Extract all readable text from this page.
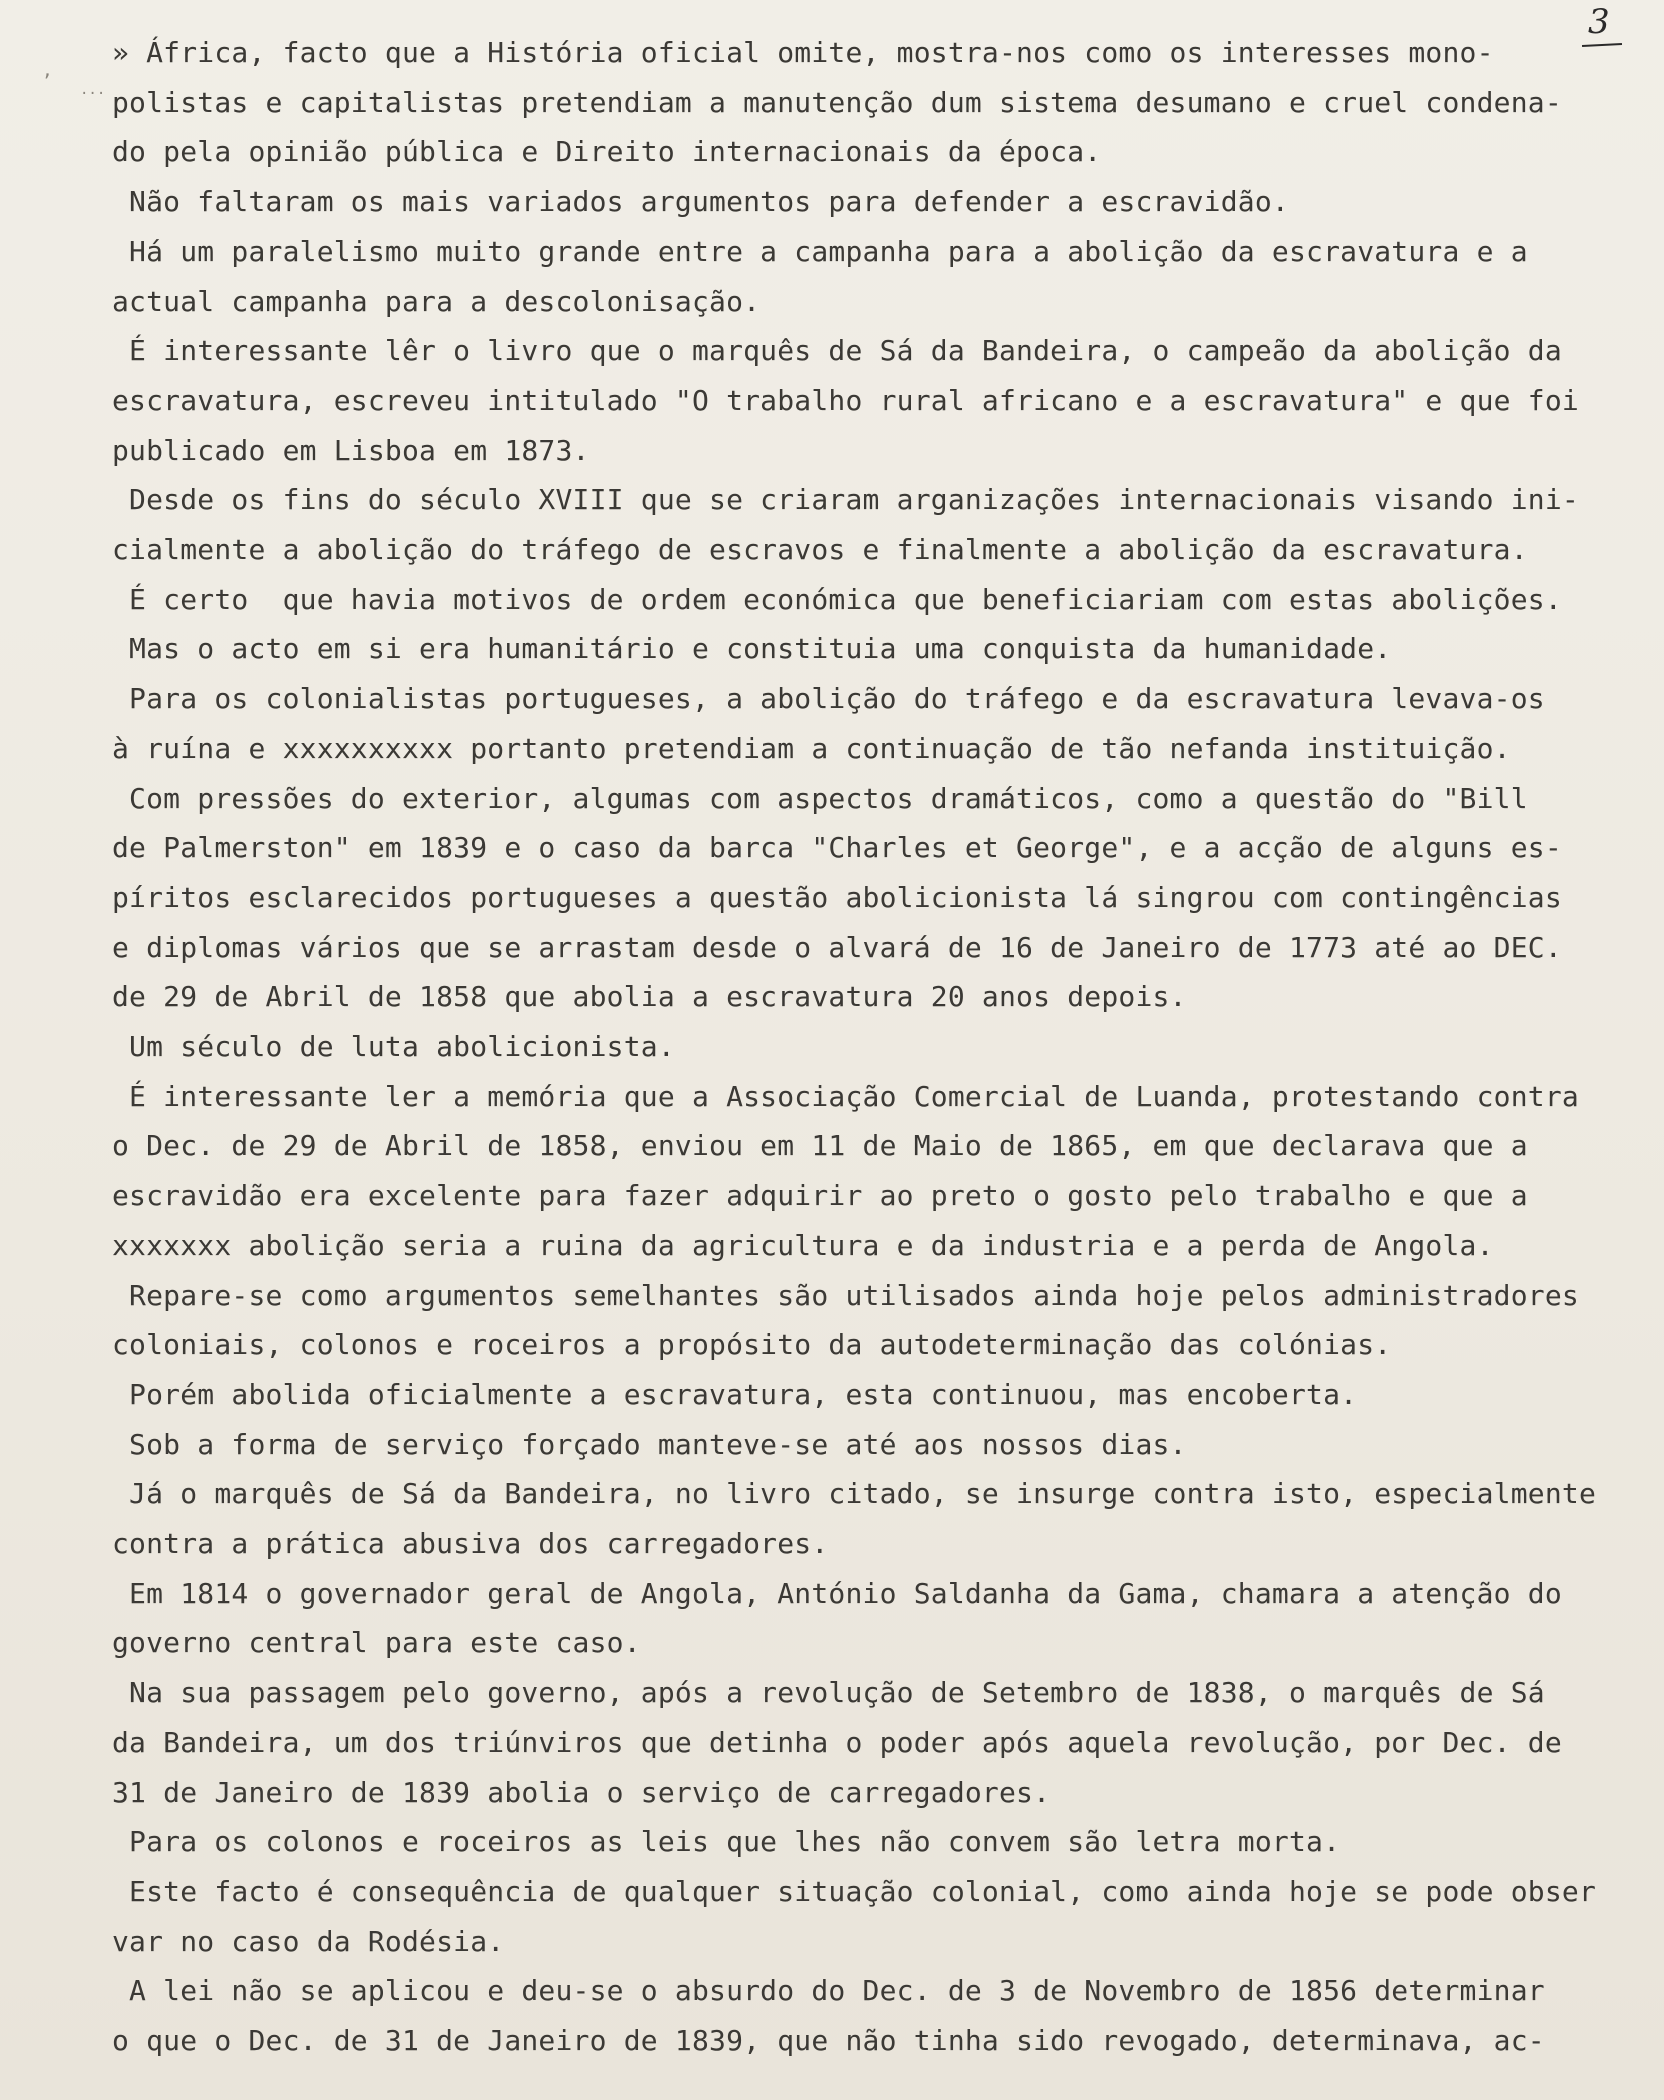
3
,
...
» África, facto que a História oficial omite, mostra-nos como os interesses mono-
polistas e capitalistas pretendiam a manutenção dum sistema desumano e cruel condena-
do pela opinião pública e Direito internacionais da época.
Não faltaram os mais variados argumentos para defender a escravidão.
Há um paralelismo muito grande entre a campanha para a abolição da escravatura e a
actual campanha para a descolonisação.
É interessante lêr o livro que o marquês de Sá da Bandeira, o campeão da abolição da
escravatura, escreveu intitulado "O trabalho rural africano e a escravatura" e que foi
publicado em Lisboa em 1873.
Desde os fins do século XVIII que se criaram arganizações internacionais visando ini-
cialmente a abolição do tráfego de escravos e finalmente a abolição da escravatura.
É certo  que havia motivos de ordem económica que beneficiariam com estas abolições.
Mas o acto em si era humanitário e constituia uma conquista da humanidade.
Para os colonialistas portugueses, a abolição do tráfego e da escravatura levava-os
à ruína e xxxxxxxxxx portanto pretendiam a continuação de tão nefanda instituição.
Com pressões do exterior, algumas com aspectos dramáticos, como a questão do "Bill
de Palmerston" em 1839 e o caso da barca "Charles et George", e a acção de alguns es-
píritos esclarecidos portugueses a questão abolicionista lá singrou com contingências
e diplomas vários que se arrastam desde o alvará de 16 de Janeiro de 1773 até ao DEC.
de 29 de Abril de 1858 que abolia a escravatura 20 anos depois.
Um século de luta abolicionista.
É interessante ler a memória que a Associação Comercial de Luanda, protestando contra
o Dec. de 29 de Abril de 1858, enviou em 11 de Maio de 1865, em que declarava que a
escravidão era excelente para fazer adquirir ao preto o gosto pelo trabalho e que a
xxxxxxx abolição seria a ruina da agricultura e da industria e a perda de Angola.
Repare-se como argumentos semelhantes são utilisados ainda hoje pelos administradores
coloniais, colonos e roceiros a propósito da autodeterminação das colónias.
Porém abolida oficialmente a escravatura, esta continuou, mas encoberta.
Sob a forma de serviço forçado manteve-se até aos nossos dias.
Já o marquês de Sá da Bandeira, no livro citado, se insurge contra isto, especialmente
contra a prática abusiva dos carregadores.
Em 1814 o governador geral de Angola, António Saldanha da Gama, chamara a atenção do
governo central para este caso.
Na sua passagem pelo governo, após a revolução de Setembro de 1838, o marquês de Sá
da Bandeira, um dos triúnviros que detinha o poder após aquela revolução, por Dec. de
31 de Janeiro de 1839 abolia o serviço de carregadores.
Para os colonos e roceiros as leis que lhes não convem são letra morta.
Este facto é consequência de qualquer situação colonial, como ainda hoje se pode obser
var no caso da Rodésia.
A lei não se aplicou e deu-se o absurdo do Dec. de 3 de Novembro de 1856 determinar
o que o Dec. de 31 de Janeiro de 1839, que não tinha sido revogado, determinava, ac-
